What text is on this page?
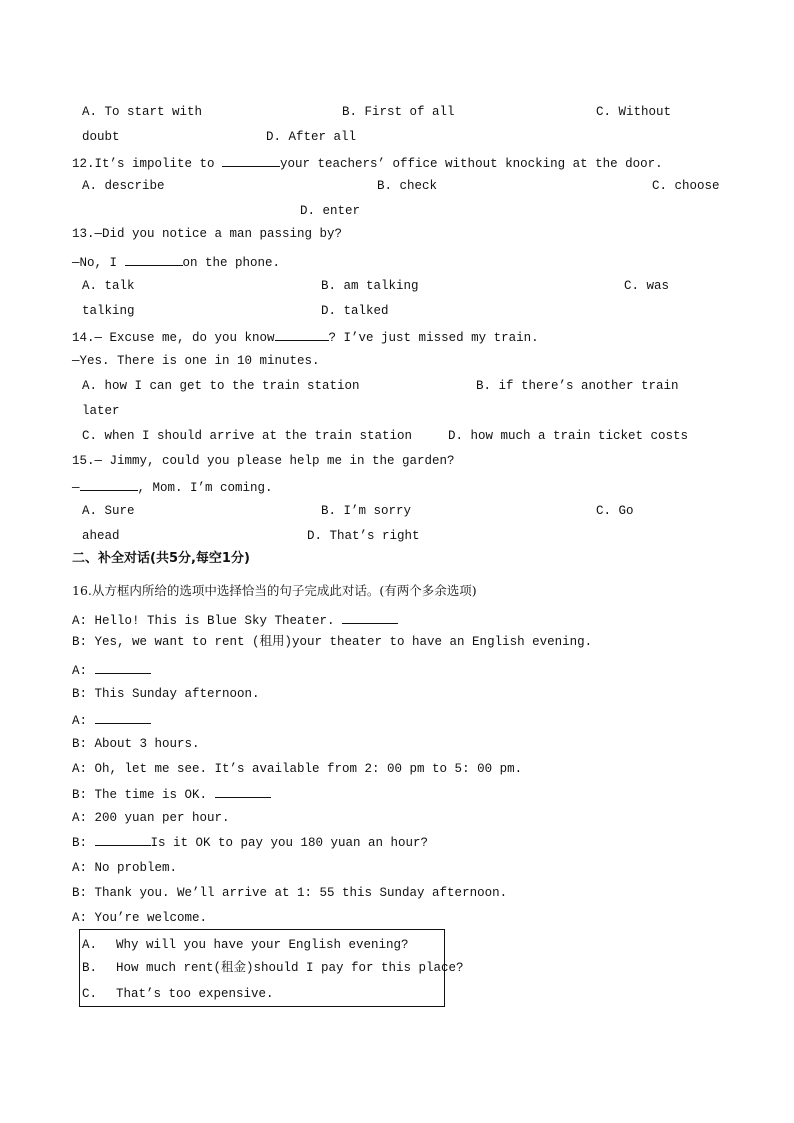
A. To start with	B. First of all	C. Without
doubt	D. After all
12.It’s impolite to	your teachers’ office without knocking at the door.
A. describe	B. check	C. choose
D. enter
13.—Did you notice a man passing by?
—No, I	on the phone.
A. talk	B. am talking	C. was
talking	D. talked
14.— Excuse me, do you know	? I’ve just missed my train.
—Yes. There is one in 10 minutes.
A. how I can get to the train station	B. if there’s another train
later
C. when I should arrive at the train station	D. how much a train ticket costs
15.— Jimmy, could you please help me in the garden?
—	, Mom. I’m coming.
A. Sure	B. I’m sorry	C. Go
ahead	D. That’s right
二、补全对话(共5分,每空1分)
16.从方框内所给的选项中选择恰当的句子完成此对话。(有两个多余选项)
A: Hello! This is Blue Sky Theater.
B: Yes, we want to rent (租用)your theater to have an English evening.
A:
B: This Sunday afternoon.
A:
B: About 3 hours.
A: Oh, let me see. It’s available from 2: 00 pm to 5: 00 pm.
B: The time is OK.
A: 200 yuan per hour.
B:	Is it OK to pay you 180 yuan an hour?
A: No problem.
B: Thank you. We’ll arrive at 1: 55 this Sunday afternoon.
A: You’re welcome.
A. Why will you have your English evening?
B. How much rent(租金)should I pay for this place?
C. That’s too expensive.
